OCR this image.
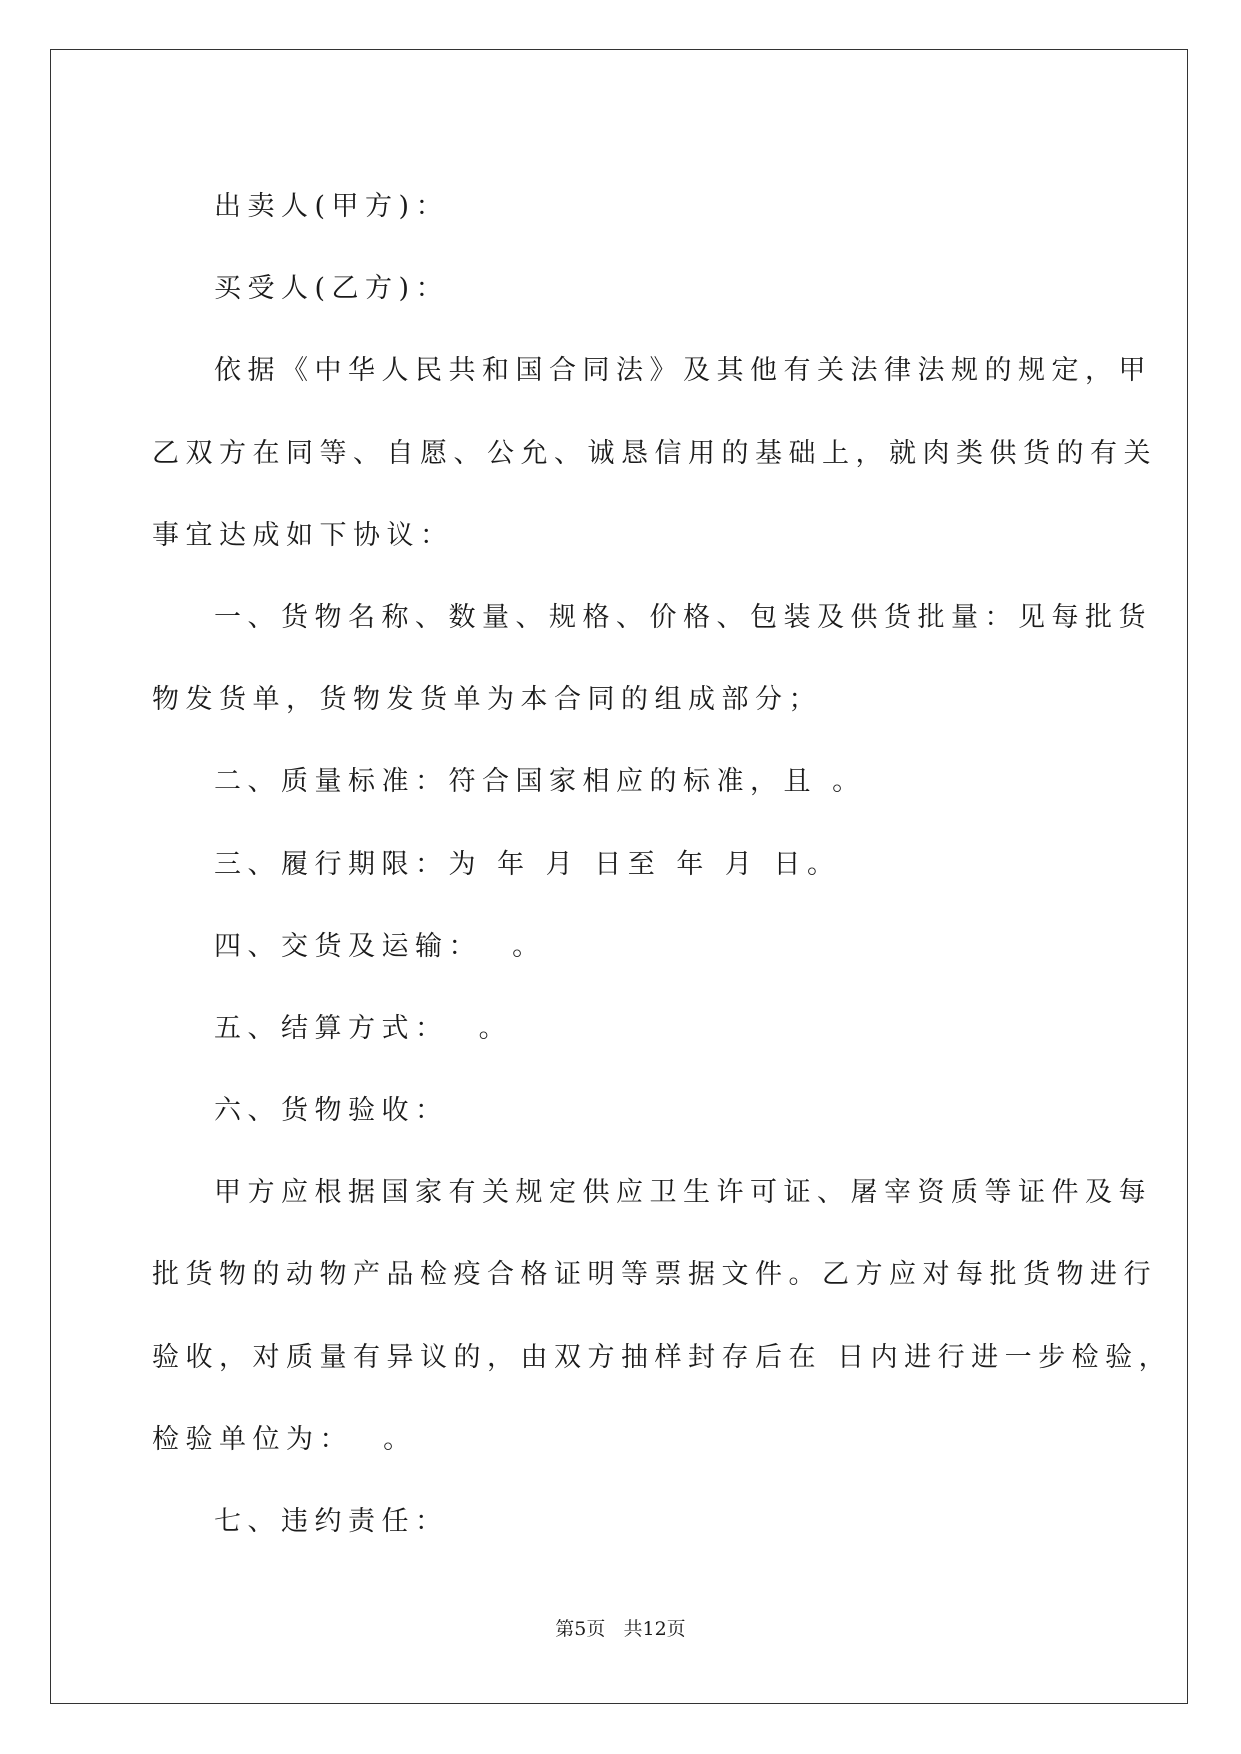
出卖人(甲方)：
买受人(乙方)：
依据《中华人民共和国合同法》及其他有关法律法规的规定，甲
乙双方在同等、自愿、公允、诚恳信用的基础上，就肉类供货的有关
事宜达成如下协议：
一、货物名称、数量、规格、价格、包装及供货批量：见每批货
物发货单，货物发货单为本合同的组成部分；
二、质量标准：符合国家相应的标准，且 。
三、履行期限：为 年 月 日至 年 月 日。
四、交货及运输：  。
五、结算方式：  。
六、货物验收：
甲方应根据国家有关规定供应卫生许可证、屠宰资质等证件及每
批货物的动物产品检疫合格证明等票据文件。乙方应对每批货物进行
验收，对质量有异议的，由双方抽样封存后在 日内进行进一步检验，
检验单位为：  。
七、违约责任：
第5页   共12页
